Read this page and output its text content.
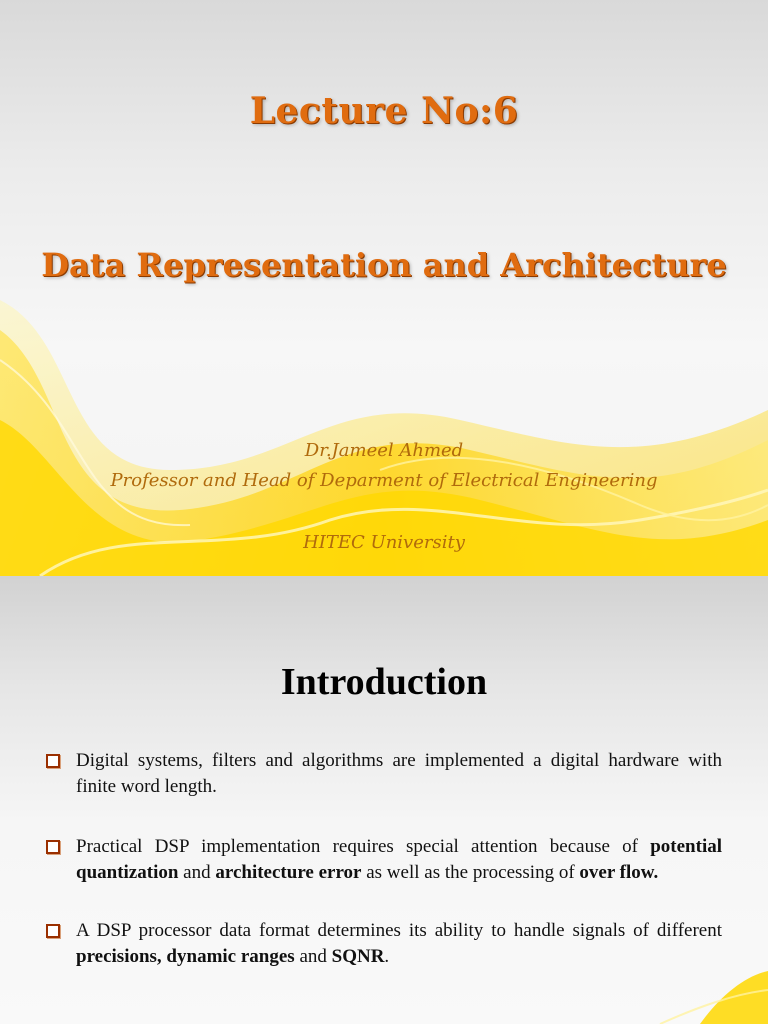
Lecture No:6
Data Representation and Architecture
Dr.Jameel Ahmed
Professor and Head of Deparment of Electrical Engineering
HITEC University
Introduction
Digital systems, filters and algorithms are implemented a digital hardware with finite word length.
Practical DSP implementation requires special attention because of potential quantization and architecture error as well as the processing of over flow.
A DSP processor data format determines its ability to handle signals of different precisions, dynamic ranges and SQNR.
